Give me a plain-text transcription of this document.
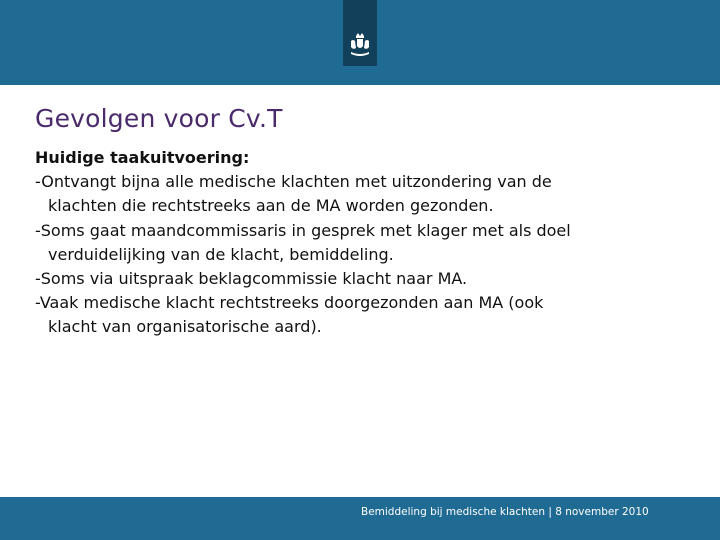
Gevolgen voor Cv.T
Huidige taakuitvoering:
-Ontvangt bijna alle medische klachten met uitzondering van de
klachten die rechtstreeks aan de MA worden gezonden.
-Soms gaat maandcommissaris in gesprek met klager met als doel
verduidelijking van de klacht, bemiddeling.
-Soms via uitspraak beklagcommissie klacht naar MA.
-Vaak medische klacht rechtstreeks doorgezonden aan MA (ook
klacht van organisatorische aard).
14
Bemiddeling bij medische klachten | 8 november 2010
